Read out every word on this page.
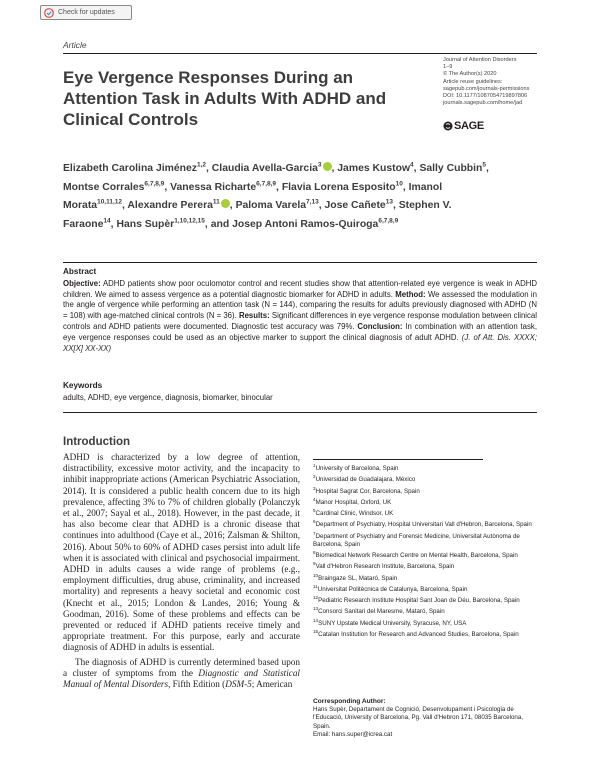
Check for updates
Article
Journal of Attention Disorders
1–9
© The Author(s) 2020
Article reuse guidelines:
sagepub.com/journals-permissions
DOI: 10.1177/1087054719897806
journals.sagepub.com/home/jad
SAGE
Eye Vergence Responses During an Attention Task in Adults With ADHD and Clinical Controls
Elizabeth Carolina Jiménez$^{1,2}$, Claudia Avella-Garcia$^3$ , James Kustow$^4$, Sally Cubbin$^5$, Montse Corrales$^{6,7,8,9}$, Vanessa Richarte$^{6,7,8,9}$, Flavia Lorena Esposito$^{10}$, Imanol Morata$^{10,11,12}$, Alexandre Perera$^{11}$ , Paloma Varela$^{7,13}$, Jose Cañete$^{13}$, Stephen V. Faraone$^{14}$, Hans Supèr$^{1,10,12,15}$, and Josep Antoni Ramos-Quiroga$^{6,7,8,9}$
Abstract
Objective: ADHD patients show poor oculomotor control and recent studies show that attention-related eye vergence is weak in ADHD children. We aimed to assess vergence as a potential diagnostic biomarker for ADHD in adults. Method: We assessed the modulation in the angle of vergence while performing an attention task (N = 144), comparing the results for adults previously diagnosed with ADHD (N = 108) with age-matched clinical controls (N = 36). Results: Significant differences in eye vergence response modulation between clinical controls and ADHD patients were documented. Diagnostic test accuracy was 79%. Conclusion: In combination with an attention task, eye vergence responses could be used as an objective marker to support the clinical diagnosis of adult ADHD. (J. of Att. Dis. XXXX; XX[X] XX-XX)
Keywords
adults, ADHD, eye vergence, diagnosis, biomarker, binocular
Introduction

ADHD is characterized by a low degree of attention, distractibility, excessive motor activity, and the incapacity to inhibit inappropriate actions (American Psychiatric Association, 2014). It is considered a public health concern due to its high prevalence, affecting 3% to 7% of children globally (Polanczyk et al., 2007; Sayal et al., 2018). However, in the past decade, it has also become clear that ADHD is a chronic disease that continues into adulthood (Caye et al., 2016; Zalsman & Shilton, 2016). About 50% to 60% of ADHD cases persist into adult life when it is associated with clinical and psychosocial impairment. ADHD in adults causes a wide range of problems (e.g., employment difficulties, drug abuse, criminality, and increased mortality) and represents a heavy societal and economic cost (Knecht et al., 2015; London & Landes, 2016; Young & Goodman, 2016). Some of these problems and effects can be prevented or reduced if ADHD patients receive timely and appropriate treatment. For this purpose, early and accurate diagnosis of ADHD in adults is essential.

The diagnosis of ADHD is currently determined based upon a cluster of symptoms from the Diagnostic and Statistical Manual of Mental Disorders, Fifth Edition (DSM-5; American

$^1$University of Barcelona, Spain
$^2$Universidad de Guadalajara, México
$^3$Hospital Sagrat Cor, Barcelona, Spain
$^4$Manor Hospital, Oxford, UK
$^5$Cardinal Clinic, Windsor, UK
$^6$Department of Psychiatry, Hospital Universitari Vall d'Hebron, Barcelona, Spain
$^7$Department of Psychiatry and Forensic Medicine, Universitat Autònoma de Barcelona, Spain
$^8$Biomedical Network Research Centre on Mental Health, Barcelona, Spain
$^9$Vall d'Hebron Research Institute, Barcelona, Spain
$^{10}$Braingaze SL, Mataró, Spain
$^{11}$Universitat Politècnica de Catalunya, Barcelona, Spain
$^{12}$Pediatric Research Institute Hospital Sant Joan de Déu, Barcelona, Spain
$^{13}$Consorci Sanitari del Maresme, Mataró, Spain
$^{14}$SUNY Upstate Medical University, Syracuse, NY, USA
$^{15}$Catalan Institution for Research and Advanced Studies, Barcelona, Spain
Corresponding Author:
Hans Supèr, Departament de Cognició, Desenvolupament i Psicologia de l'Educació, University of Barcelona, Pg. Vall d'Hebron 171, 08035 Barcelona, Spain.
Email: hans.super@icrea.cat
